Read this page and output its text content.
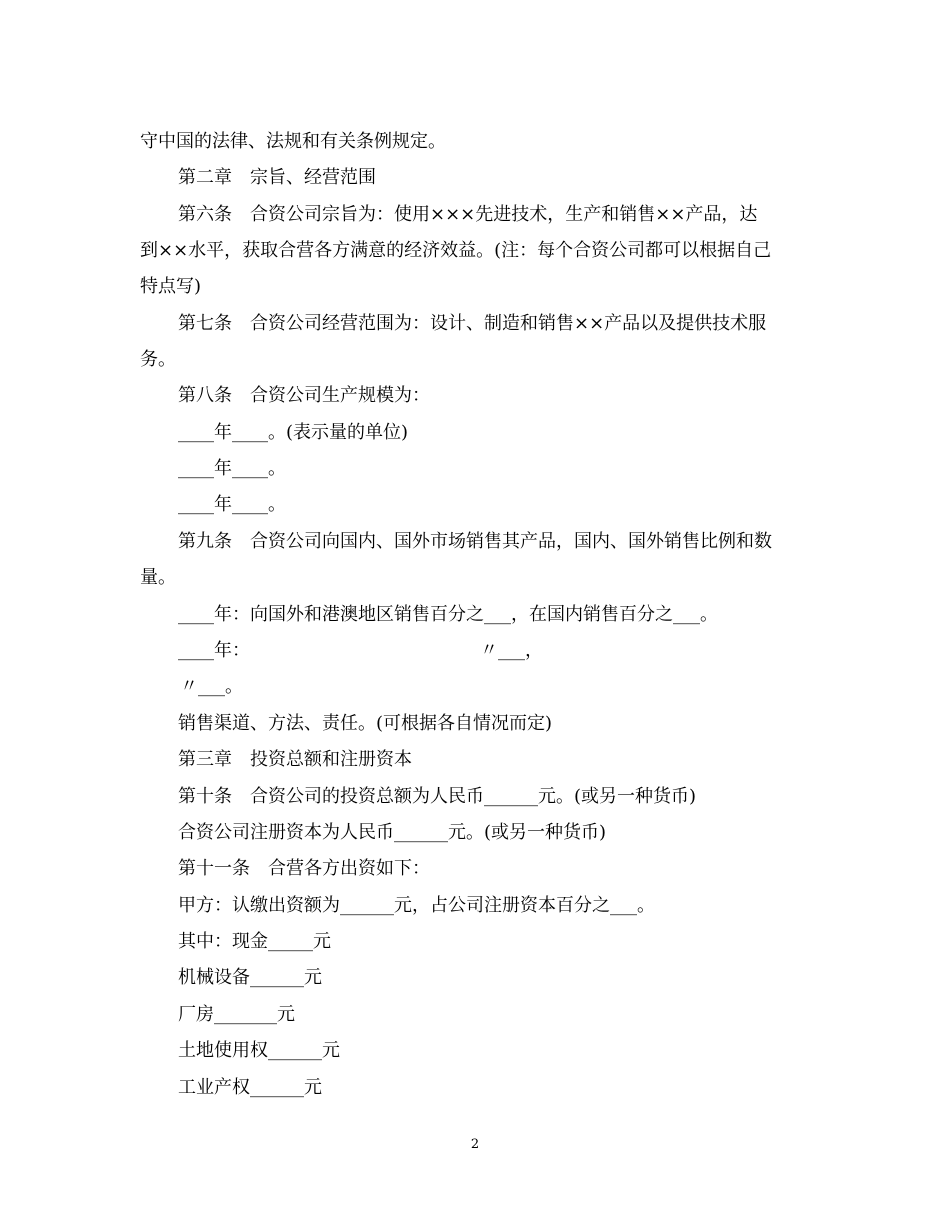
守中国的法律、法规和有关条例规定。
第二章　宗旨、经营范围
第六条　合资公司宗旨为：使用×××先进技术，生产和销售××产品，达
到××水平，获取合营各方满意的经济效益。(注：每个合资公司都可以根据自己
特点写)
第七条　合资公司经营范围为：设计、制造和销售××产品以及提供技术服
务。
第八条　合资公司生产规模为：
____年____。(表示量的单位)
____年____。
____年____。
第九条　合资公司向国内、国外市场销售其产品，国内、国外销售比例和数
量。
____年：向国外和港澳地区销售百分之___，在国内销售百分之___。
____年：	〃___，
〃___。
销售渠道、方法、责任。(可根据各自情况而定)
第三章　投资总额和注册资本
第十条　合资公司的投资总额为人民币______元。(或另一种货币)
合资公司注册资本为人民币______元。(或另一种货币)
第十一条　合营各方出资如下：
甲方：认缴出资额为______元，占公司注册资本百分之___。
其中：现金_____元
机械设备______元
厂房_______元
土地使用权______元
工业产权______元
2
